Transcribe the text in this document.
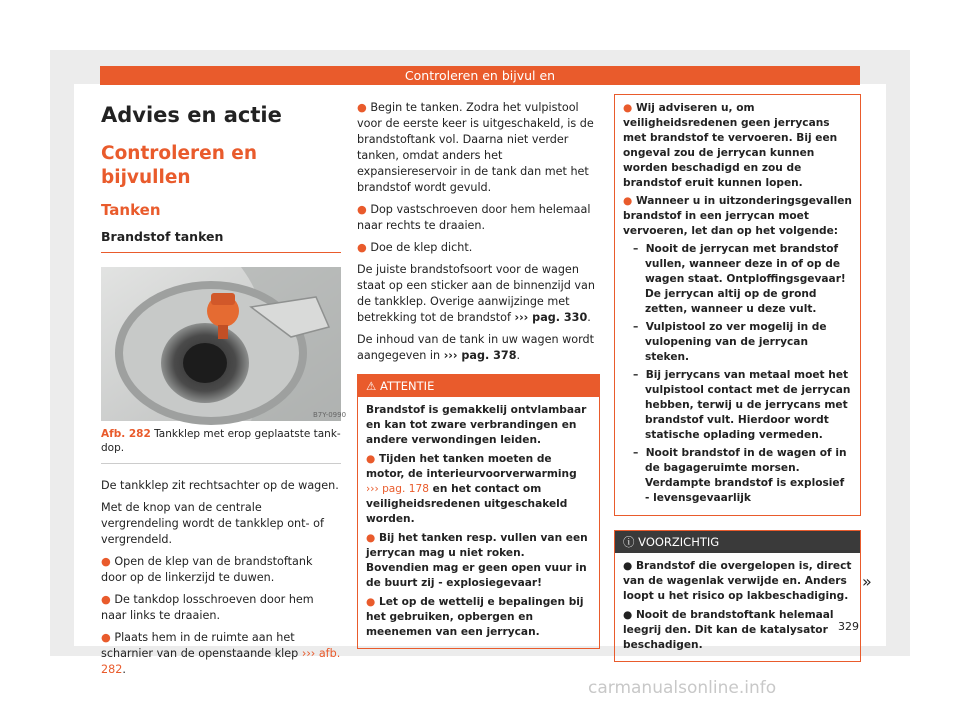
Controleren en bijvul en
Advies en actie
Controleren en bijvullen
Tanken
Brandstof tanken
B7Y-0990
Afb. 282 Tankklep met erop geplaatste tankdop.

De tankklep zit rechtsachter op de wagen.

Met de knop van de centrale vergrendeling wordt de tankklep ont- of vergrendeld.

● Open de klep van de brandstoftank door op de linkerzijd te duwen.

● De tankdop losschroeven door hem naar links te draaien.

● Plaats hem in de ruimte aan het scharnier van de openstaande klep ››› afb. 282.

● Begin te tanken. Zodra het vulpistool voor de eerste keer is uitgeschakeld, is de brandstoftank vol. Daarna niet verder tanken, omdat anders het expansiereservoir in de tank dan met het brandstof wordt gevuld.

● Dop vastschroeven door hem helemaal naar rechts te draaien.

● Doe de klep dicht.

De juiste brandstofsoort voor de wagen staat op een sticker aan de binnenzijd van de tankklep. Overige aanwijzinge met betrekking tot de brandstof ››› pag. 330.

De inhoud van de tank in uw wagen wordt aangegeven in ››› pag. 378.

⚠ ATTENTIE

Brandstof is gemakkelij ontvlambaar en kan tot zware verbrandingen en andere verwondingen leiden.

● Tijden het tanken moeten de motor, de interieurvoorverwarming ››› pag. 178 en het contact om veiligheidsredenen uitgeschakeld worden.

● Bij het tanken resp. vullen van een jerrycan mag u niet roken. Bovendien mag er geen open vuur in de buurt zij - explosiegevaar!

● Let op de wettelij e bepalingen bij het gebruiken, opbergen en meenemen van een jerrycan.

● Wij adviseren u, om veiligheidsredenen geen jerrycans met brandstof te vervoeren. Bij een ongeval zou de jerrycan kunnen worden beschadigd en zou de brandstof eruit kunnen lopen.

● Wanneer u in uitzonderingsgevallen brandstof in een jerrycan moet vervoeren, let dan op het volgende:

–  Nooit de jerrycan met brandstof vullen, wanneer deze in of op de wagen staat. Ontploffingsgevaar! De jerrycan altij op de grond zetten, wanneer u deze vult.

–  Vulpistool zo ver mogelij in de vulopening van de jerrycan steken.

–  Bij jerrycans van metaal moet het vulpistool contact met de jerrycan hebben, terwij u de jerrycans met brandstof vult. Hierdoor wordt statische oplading vermeden.

–  Nooit brandstof in de wagen of in de bagageruimte morsen. Verdampte brandstof is explosief - levensgevaarlijk

ⓘ VOORZICHTIG

● Brandstof die overgelopen is, direct van de wagenlak verwijde en. Anders loopt u het risico op lakbeschadiging.

● Nooit de brandstoftank helemaal leegrij den. Dit kan de katalysator beschadigen.

»
329
carmanualsonline.info
